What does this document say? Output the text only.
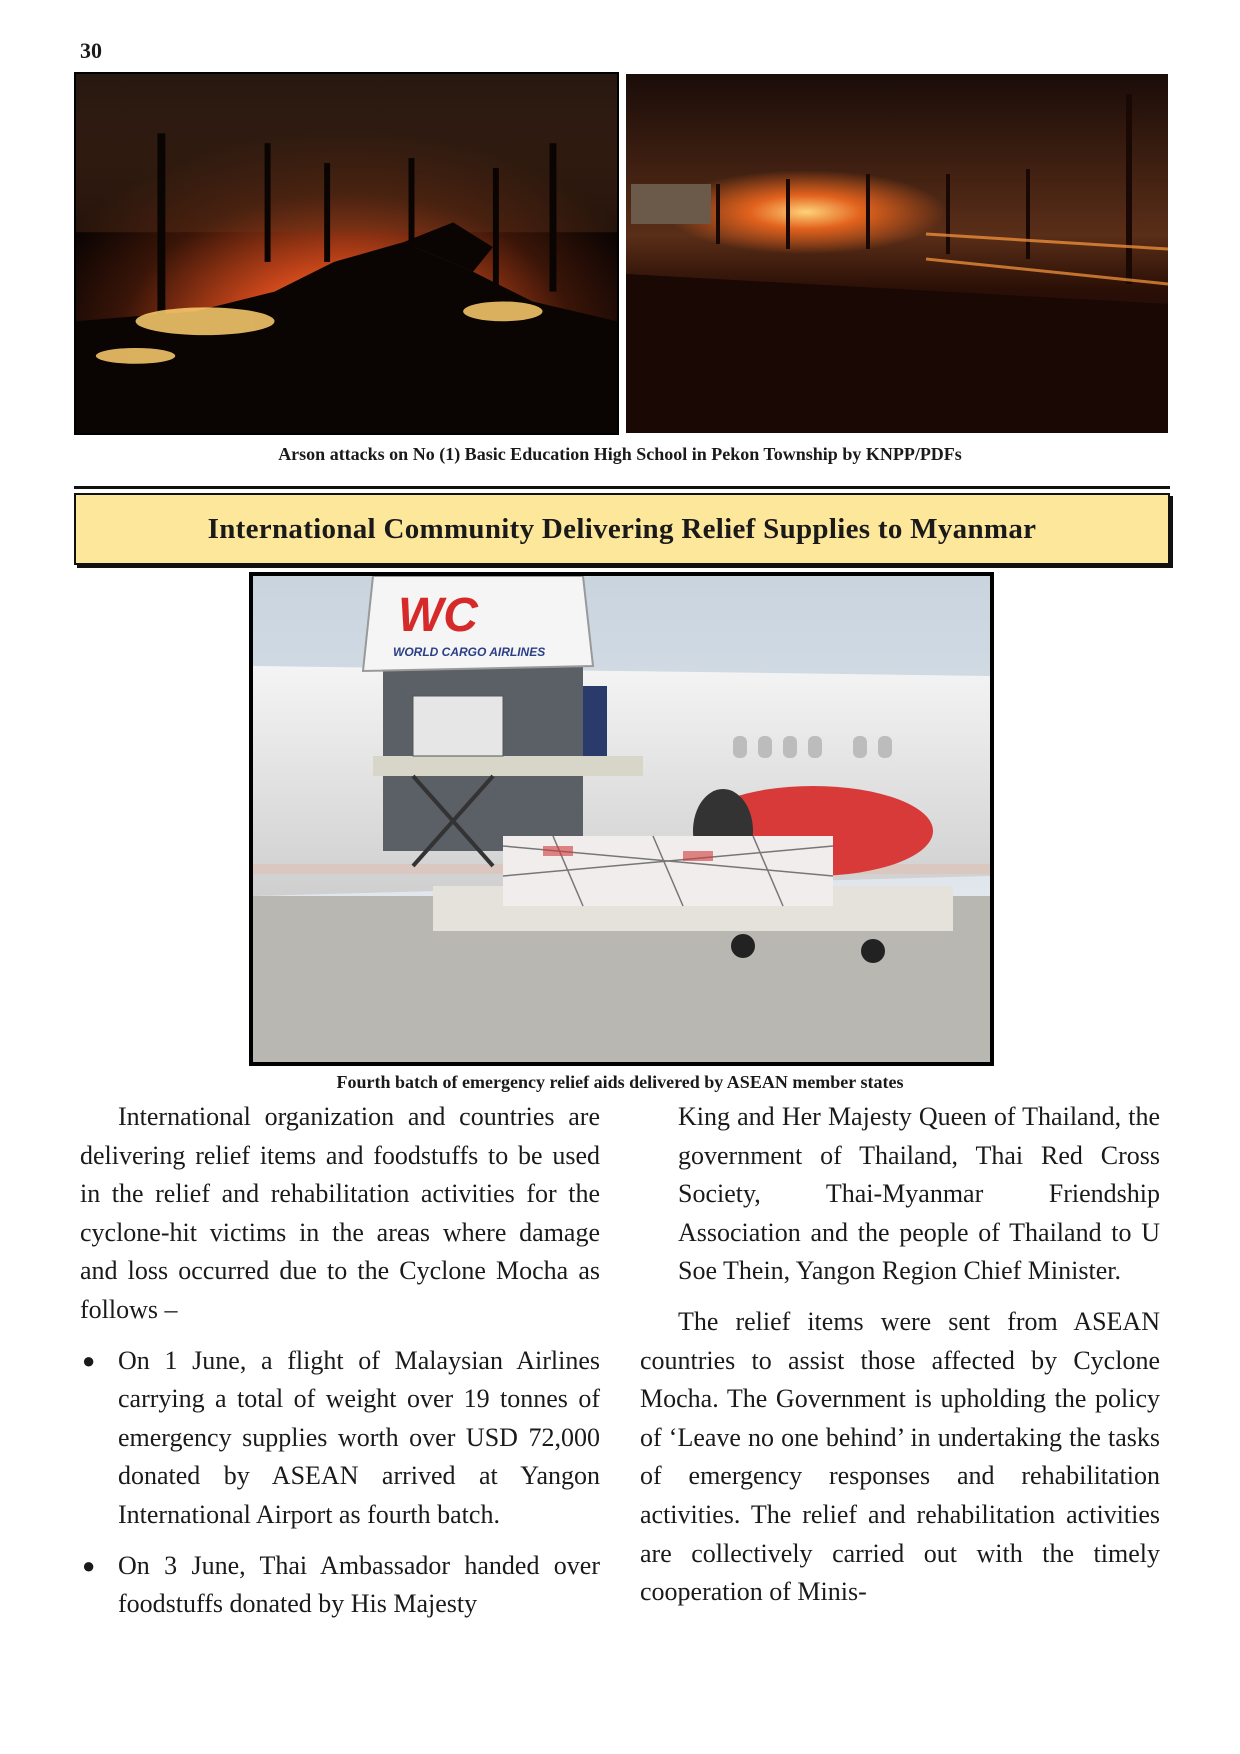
30
Arson attacks on No (1) Basic Education High School in Pekon Township by KNPP/PDFs
International Community Delivering Relief Supplies to Myanmar
WC
WORLD CARGO AIRLINES
Fourth batch of emergency relief aids delivered by ASEAN member states

International organization and countries are delivering relief items and foodstuffs to be used in the relief and rehabilitation activities for the cyclone-hit victims in the areas where damage and loss occurred due to the Cyclone Mocha as follows –

● On 1 June, a flight of Malaysian Airlines carrying a total of weight over 19 tonnes of emergency supplies worth over USD 72,000 donated by ASEAN arrived at Yangon International Airport as fourth batch.
● On 3 June, Thai Ambassador handed over foodstuffs donated by His Majesty

King and Her Majesty Queen of Thailand, the government of Thailand, Thai Red Cross Society, Thai-Myanmar Friendship Association and the people of Thailand to U Soe Thein, Yangon Region Chief Minister.

The relief items were sent from ASEAN countries to assist those affected by Cyclone Mocha. The Government is upholding the policy of ‘Leave no one behind’ in undertaking the tasks of emergency responses and rehabilitation activities. The relief and rehabilitation activities are collectively carried out with the timely cooperation of Minis-
